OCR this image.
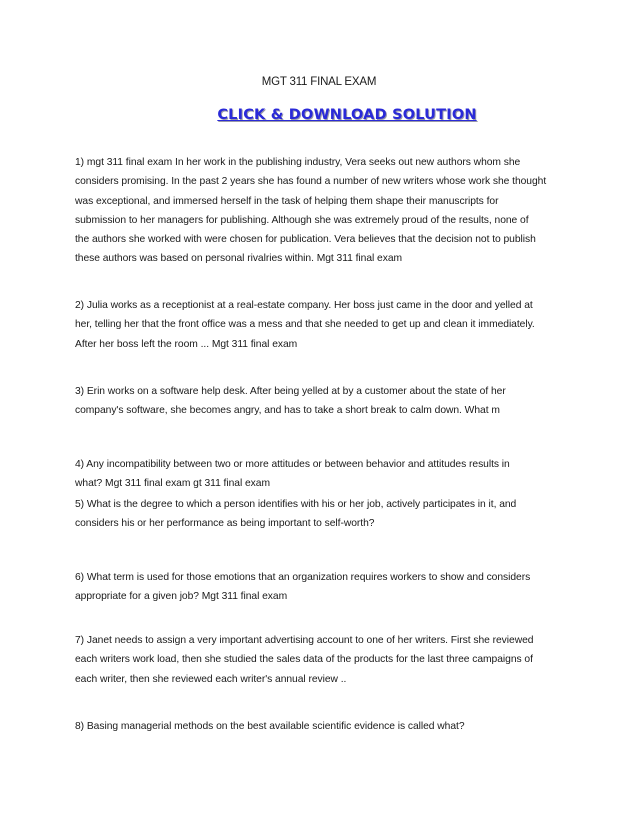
MGT 311 FINAL EXAM
CLICK & DOWNLOAD SOLUTION
1) mgt 311 final exam In her work in the publishing industry, Vera seeks out new authors whom she
considers promising. In the past 2 years she has found a number of new writers whose work she thought
was exceptional, and immersed herself in the task of helping them shape their manuscripts for
submission to her managers for publishing. Although she was extremely proud of the results, none of
the authors she worked with were chosen for publication. Vera believes that the decision not to publish
these authors was based on personal rivalries within. Mgt 311 final exam
2) Julia works as a receptionist at a real-estate company. Her boss just came in the door and yelled at
her, telling her that the front office was a mess and that she needed to get up and clean it immediately.
After her boss left the room ... Mgt 311 final exam
3) Erin works on a software help desk. After being yelled at by a customer about the state of her
company's software, she becomes angry, and has to take a short break to calm down. What m
4) Any incompatibility between two or more attitudes or between behavior and attitudes results in
what? Mgt 311 final exam gt 311 final exam
5) What is the degree to which a person identifies with his or her job, actively participates in it, and
considers his or her performance as being important to self-worth?
6) What term is used for those emotions that an organization requires workers to show and considers
appropriate for a given job? Mgt 311 final exam
7) Janet needs to assign a very important advertising account to one of her writers. First she reviewed
each writers work load, then she studied the sales data of the products for the last three campaigns of
each writer, then she reviewed each writer's annual review ..
8) Basing managerial methods on the best available scientific evidence is called what?
